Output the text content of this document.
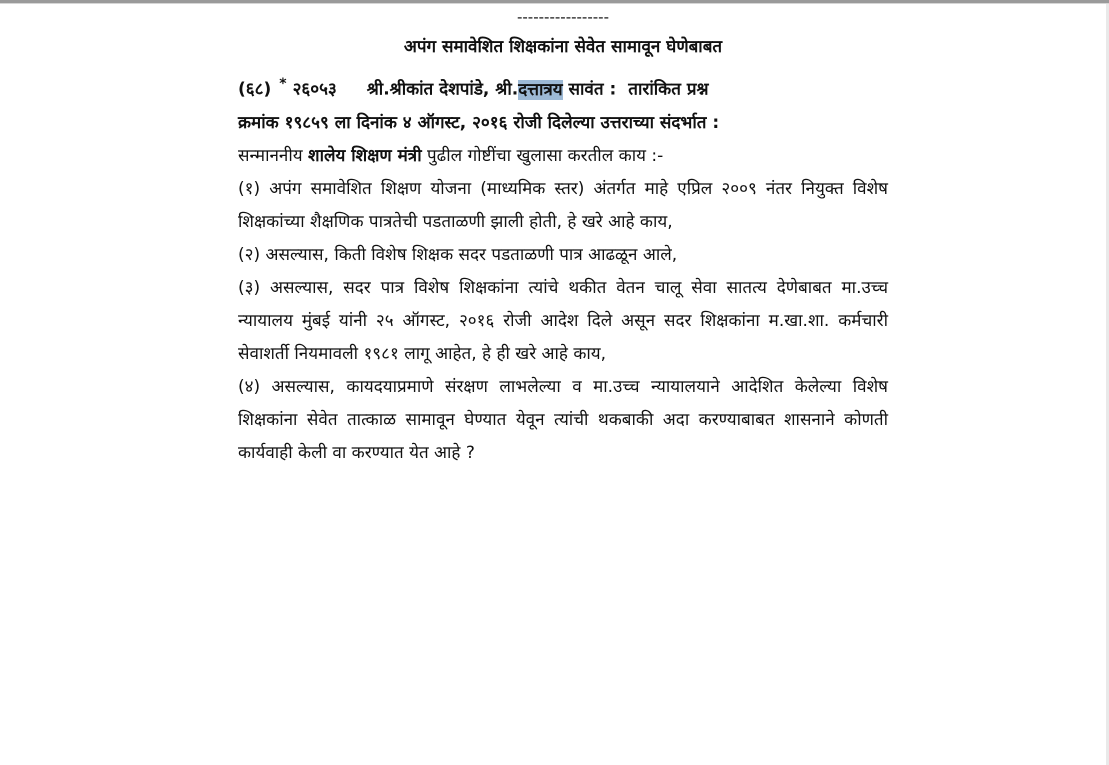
-----------------
अपंग समावेशित शिक्षकांना सेवेत सामावून घेणेबाबत
(६८) * २६०५३ श्री.श्रीकांत देशपांडे, श्री.दत्तात्रय सावंत : तारांकित प्रश्न
क्रमांक १९८५९ ला दिनांक ४ ऑगस्ट, २०१६ रोजी दिलेल्या उत्तराच्या संदर्भात :
सन्माननीय शालेय शिक्षण मंत्री पुढील गोष्टींचा खुलासा करतील काय :-
(१) अपंग समावेशित शिक्षण योजना (माध्यमिक स्तर) अंतर्गत माहे एप्रिल २००९ नंतर नियुक्त विशेष शिक्षकांच्या शैक्षणिक पात्रतेची पडताळणी झाली होती, हे खरे आहे काय,
(२) असल्यास, किती विशेष शिक्षक सदर पडताळणी पात्र आढळून आले,
(३) असल्यास, सदर पात्र विशेष शिक्षकांना त्यांचे थकीत वेतन चालू सेवा सातत्य देणेबाबत मा.उच्च न्यायालय मुंबई यांनी २५ ऑगस्ट, २०१६ रोजी आदेश दिले असून सदर शिक्षकांना म.खा.शा. कर्मचारी सेवाशर्ती नियमावली १९८१ लागू आहेत, हे ही खरे आहे काय,
(४) असल्यास, कायदयाप्रमाणे संरक्षण लाभलेल्या व मा.उच्च न्यायालयाने आदेशित केलेल्या विशेष शिक्षकांना सेवेत तात्काळ सामावून घेण्यात येवून त्यांची थकबाकी अदा करण्याबाबत शासनाने कोणती कार्यवाही केली वा करण्यात येत आहे ?
